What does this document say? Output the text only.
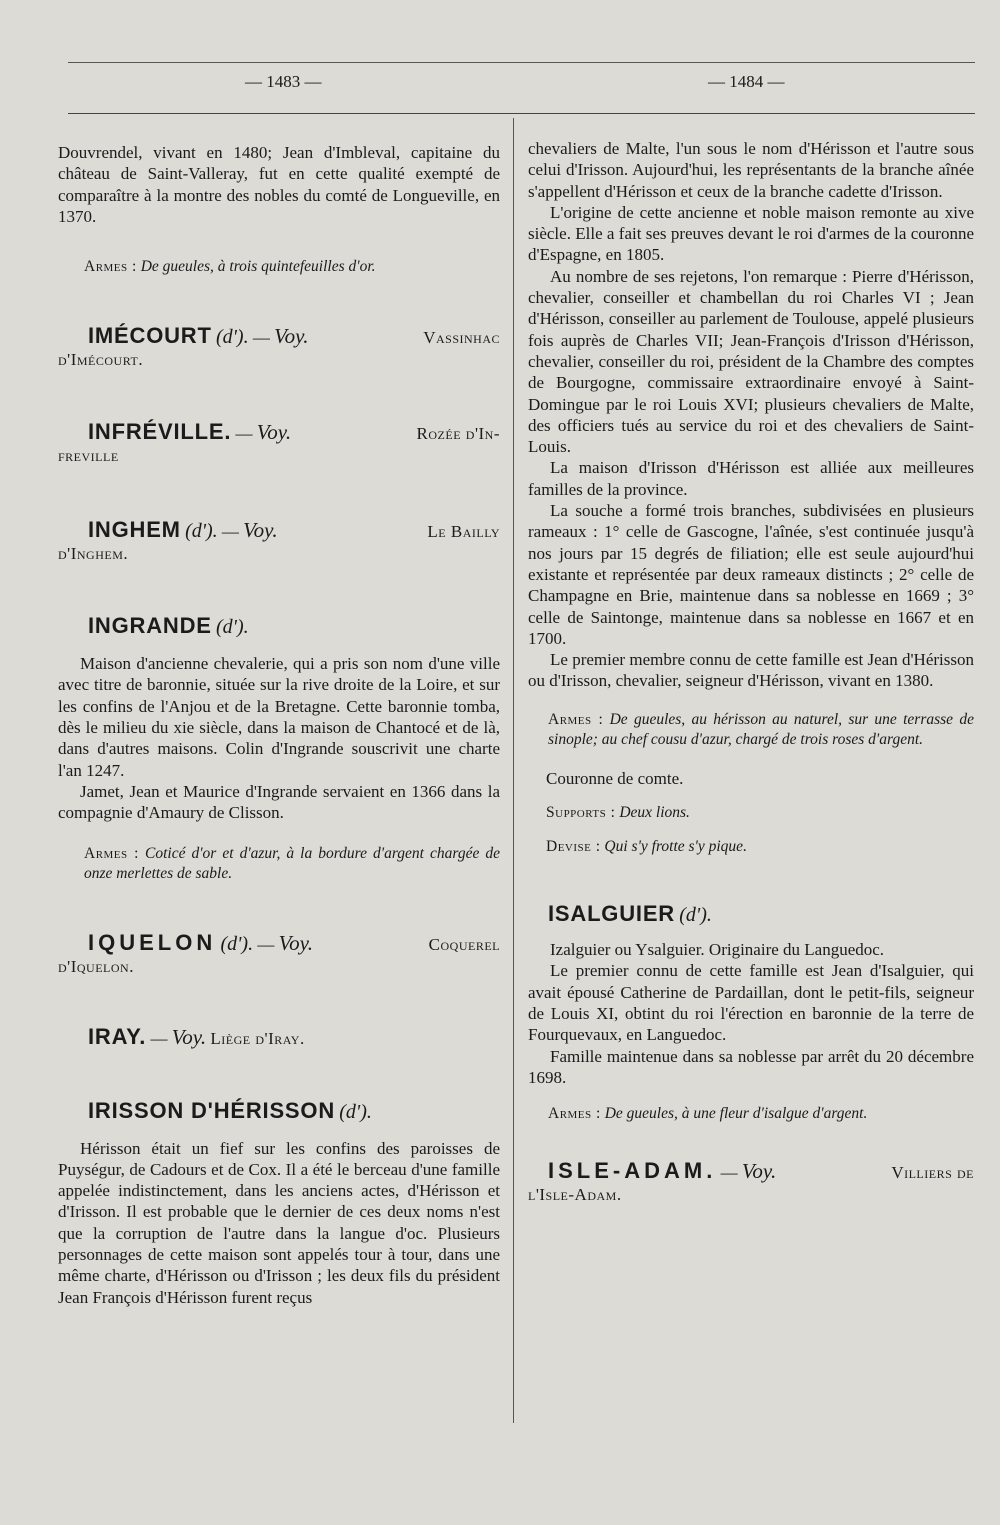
— 1483 —	— 1484 —

Douvrendel, vivant en 1480; Jean d'Imbleval, capitaine du château de Saint-Valleray, fut en cette qualité exempté de comparaître à la montre des nobles du comté de Longueville, en 1370.

Armes : De gueules, à trois quintefeuilles d'or.

IMÉCOURT (d'). — Voy.	Vassinhac
d'Imécourt.
INFRÉVILLE. — Voy.	Rozée d'In-
freville
INGHEM (d'). — Voy.	Le Bailly
d'Inghem.
INGRANDE (d').

Maison d'ancienne chevalerie, qui a pris son nom d'une ville avec titre de baronnie, située sur la rive droite de la Loire, et sur les confins de l'Anjou et de la Bretagne. Cette baronnie tomba, dès le milieu du xie siècle, dans la maison de Chantocé et de là, dans d'autres maisons. Colin d'Ingrande souscrivit une charte l'an 1247.

Jamet, Jean et Maurice d'Ingrande servaient en 1366 dans la compagnie d'Amaury de Clisson.

Armes : Coticé d'or et d'azur, à la bordure d'argent chargée de onze merlettes de sable.

IQUELON (d'). — Voy.	Coquerel
d'Iquelon.
IRAY. — Voy. Liège d'Iray.
IRISSON D'HÉRISSON (d').

Hérisson était un fief sur les confins des paroisses de Puységur, de Cadours et de Cox. Il a été le berceau d'une famille appelée indistinctement, dans les anciens actes, d'Hérisson et d'Irisson. Il est probable que le dernier de ces deux noms n'est que la corruption de l'autre dans la langue d'oc. Plusieurs personnages de cette maison sont appelés tour à tour, dans une même charte, d'Hérisson ou d'Irisson ; les deux fils du président Jean François d'Hérisson furent reçus

chevaliers de Malte, l'un sous le nom d'Hérisson et l'autre sous celui d'Irisson. Aujourd'hui, les représentants de la branche aînée s'appellent d'Hérisson et ceux de la branche cadette d'Irisson.

L'origine de cette ancienne et noble maison remonte au xive siècle. Elle a fait ses preuves devant le roi d'armes de la couronne d'Espagne, en 1805.

Au nombre de ses rejetons, l'on remarque : Pierre d'Hérisson, chevalier, conseiller et chambellan du roi Charles VI ; Jean d'Hérisson, conseiller au parlement de Toulouse, appelé plusieurs fois auprès de Charles VII; Jean-François d'Irisson d'Hérisson, chevalier, conseiller du roi, président de la Chambre des comptes de Bourgogne, commissaire extraordinaire envoyé à Saint-Domingue par le roi Louis XVI; plusieurs chevaliers de Malte, des officiers tués au service du roi et des chevaliers de Saint-Louis.

La maison d'Irisson d'Hérisson est alliée aux meilleures familles de la province.

La souche a formé trois branches, subdivisées en plusieurs rameaux : 1° celle de Gascogne, l'aînée, s'est continuée jusqu'à nos jours par 15 degrés de filiation; elle est seule aujourd'hui existante et représentée par deux rameaux distincts ; 2° celle de Champagne en Brie, maintenue dans sa noblesse en 1669 ; 3° celle de Saintonge, maintenue dans sa noblesse en 1667 et en 1700.

Le premier membre connu de cette famille est Jean d'Hérisson ou d'Irisson, chevalier, seigneur d'Hérisson, vivant en 1380.

Armes : De gueules, au hérisson au naturel, sur une terrasse de sinople; au chef cousu d'azur, chargé de trois roses d'argent.

Couronne de comte.

Supports : Deux lions.

Devise : Qui s'y frotte s'y pique.

ISALGUIER (d').

Izalguier ou Ysalguier. Originaire du Languedoc.

Le premier connu de cette famille est Jean d'Isalguier, qui avait épousé Catherine de Pardaillan, dont le petit-fils, seigneur de Louis XI, obtint du roi l'érection en baronnie de la terre de Fourquevaux, en Languedoc.

Famille maintenue dans sa noblesse par arrêt du 20 décembre 1698.

Armes : De gueules, à une fleur d'isalgue d'argent.

ISLE-ADAM. — Voy.	Villiers de
l'Isle-Adam.
